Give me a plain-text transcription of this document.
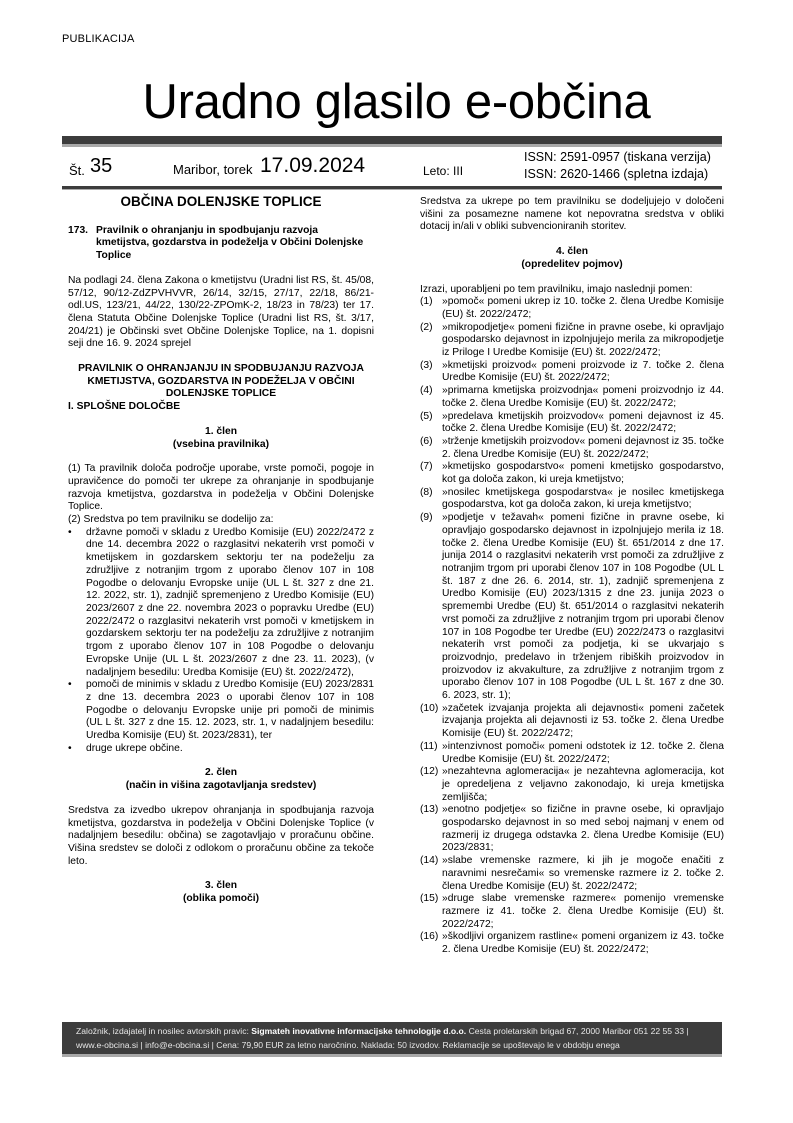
PUBLIKACIJA
Uradno glasilo e-občina
Št. 35	Maribor, torek 17.09.2024	Leto: III
ISSN: 2591-0957 (tiskana verzija)
ISSN: 2620-1466 (spletna izdaja)

OBČINA DOLENJSKE TOPLICE

173. Pravilnik o ohranjanju in spodbujanju razvoja kmetijstva, gozdarstva in podeželja v Občini Dolenjske Toplice

Na podlagi 24. člena Zakona o kmetijstvu (Uradni list RS, št. 45/08, 57/12, 90/12-ZdZPVHVVR, 26/14, 32/15, 27/17, 22/18, 86/21-odl.US, 123/21, 44/22, 130/22-ZPOmK-2, 18/23 in 78/23) ter 17. člena Statuta Občine Dolenjske Toplice (Uradni list RS, št. 3/17, 204/21) je Občinski svet Občine Dolenjske Toplice, na 1. dopisni seji dne 16. 9. 2024 sprejel

PRAVILNIK O OHRANJANJU IN SPODBUJANJU RAZVOJA KMETIJSTVA, GOZDARSTVA IN PODEŽELJA V OBČINI DOLENJSKE TOPLICE

I. SPLOŠNE DOLOČBE

1. člen

(vsebina pravilnika)

(1) Ta pravilnik določa področje uporabe, vrste pomoči, pogoje in upravičence do pomoči ter ukrepe za ohranjanje in spodbujanje razvoja kmetijstva, gozdarstva in podeželja v Občini Dolenjske Toplice.

(2) Sredstva po tem pravilniku se dodelijo za:

• državne pomoči v skladu z Uredbo Komisije (EU) 2022/2472 z dne 14. decembra 2022 o razglasitvi nekaterih vrst pomoči v kmetijskem in gozdarskem sektorju ter na podeželju za združljive z notranjim trgom z uporabo členov 107 in 108 Pogodbe o delovanju Evropske unije (UL L št. 327 z dne 21. 12. 2022, str. 1), zadnjič spremenjeno z Uredbo Komisije (EU) 2023/2607 z dne 22. novembra 2023 o popravku Uredbe (EU) 2022/2472 o razglasitvi nekaterih vrst pomoči v kmetijskem in gozdarskem sektorju ter na podeželju za združljive z notranjim trgom z uporabo členov 107 in 108 Pogodbe o delovanju Evropske Unije (UL L št. 2023/2607 z dne 23. 11. 2023), (v nadaljnjem besedilu: Uredba Komisije (EU) št. 2022/2472),
• pomoči de minimis v skladu z Uredbo Komisije (EU) 2023/2831 z dne 13. decembra 2023 o uporabi členov 107 in 108 Pogodbe o delovanju Evropske unije pri pomoči de minimis (UL L št. 327 z dne 15. 12. 2023, str. 1, v nadaljnjem besedilu: Uredba Komisije (EU) št. 2023/2831), ter
• druge ukrepe občine.

2. člen

(način in višina zagotavljanja sredstev)

Sredstva za izvedbo ukrepov ohranjanja in spodbujanja razvoja kmetijstva, gozdarstva in podeželja v Občini Dolenjske Toplice (v nadaljnjem besedilu: občina) se zagotavljajo v proračunu občine. Višina sredstev se določi z odlokom o proračunu občine za tekoče leto.

3. člen

(oblika pomoči)

Sredstva za ukrepe po tem pravilniku se dodeljujejo v določeni višini za posamezne namene kot nepovratna sredstva v obliki dotacij in/ali v obliki subvencioniranih storitev.

4. člen

(opredelitev pojmov)

Izrazi, uporabljeni po tem pravilniku, imajo naslednji pomen:

(1) »pomoč« pomeni ukrep iz 10. točke 2. člena Uredbe Komisije (EU) št. 2022/2472;
(2) »mikropodjetje« pomeni fizične in pravne osebe, ki opravljajo gospodarsko dejavnost in izpolnjujejo merila za mikropodjetje iz Priloge I Uredbe Komisije (EU) št. 2022/2472;
(3) »kmetijski proizvod« pomeni proizvode iz 7. točke 2. člena Uredbe Komisije (EU) št. 2022/2472;
(4) »primarna kmetijska proizvodnja« pomeni proizvodnjo iz 44. točke 2. člena Uredbe Komisije (EU) št. 2022/2472;
(5) »predelava kmetijskih proizvodov« pomeni dejavnost iz 45. točke 2. člena Uredbe Komisije (EU) št. 2022/2472;
(6) »trženje kmetijskih proizvodov« pomeni dejavnost iz 35. točke 2. člena Uredbe Komisije (EU) št. 2022/2472;
(7) »kmetijsko gospodarstvo« pomeni kmetijsko gospodarstvo, kot ga določa zakon, ki ureja kmetijstvo;
(8) »nosilec kmetijskega gospodarstva« je nosilec kmetijskega gospodarstva, kot ga določa zakon, ki ureja kmetijstvo;
(9) »podjetje v težavah« pomeni fizične in pravne osebe, ki opravljajo gospodarsko dejavnost in izpolnjujejo merila iz 18. točke 2. člena Uredbe Komisije (EU) št. 651/2014 z dne 17. junija 2014 o razglasitvi nekaterih vrst pomoči za združljive z notranjim trgom pri uporabi členov 107 in 108 Pogodbe (UL L št. 187 z dne 26. 6. 2014, str. 1), zadnjič spremenjena z Uredbo Komisije (EU) 2023/1315 z dne 23. junija 2023 o spremembi Uredbe (EU) št. 651/2014 o razglasitvi nekaterih vrst pomoči za združljive z notranjim trgom pri uporabi členov 107 in 108 Pogodbe ter Uredbe (EU) 2022/2473 o razglasitvi nekaterih vrst pomoči za podjetja, ki se ukvarjajo s proizvodnjo, predelavo in trženjem ribiških proizvodov in proizvodov iz akvakulture, za združljive z notranjim trgom z uporabo členov 107 in 108 Pogodbe (UL L št. 167 z dne 30. 6. 2023, str. 1);
(10) »začetek izvajanja projekta ali dejavnosti« pomeni začetek izvajanja projekta ali dejavnosti iz 53. točke 2. člena Uredbe Komisije (EU) št. 2022/2472;
(11) »intenzivnost pomoči« pomeni odstotek iz 12. točke 2. člena Uredbe Komisije (EU) št. 2022/2472;
(12) »nezahtevna aglomeracija« je nezahtevna aglomeracija, kot je opredeljena z veljavno zakonodajo, ki ureja kmetijska zemljišča;
(13) »enotno podjetje« so fizične in pravne osebe, ki opravljajo gospodarsko dejavnost in so med seboj najmanj v enem od razmerij iz drugega odstavka 2. člena Uredbe Komisije (EU) 2023/2831;
(14) »slabe vremenske razmere, ki jih je mogoče enačiti z naravnimi nesrečami« so vremenske razmere iz 2. točke 2. člena Uredbe Komisije (EU) št. 2022/2472;
(15) »druge slabe vremenske razmere« pomenijo vremenske razmere iz 41. točke 2. člena Uredbe Komisije (EU) št. 2022/2472;
(16) »škodljivi organizem rastline« pomeni organizem iz 43. točke 2. člena Uredbe Komisije (EU) št. 2022/2472;
Založnik, izdajatelj in nosilec avtorskih pravic: Sigmateh inovativne informacijske tehnologije d.o.o. Cesta proletarskih brigad 67, 2000 Maribor 051 22 55 33 | www.e-obcina.si | info@e-obcina.si | Cena: 79,90 EUR za letno naročnino. Naklada: 50 izvodov. Reklamacije se upoštevajo le v obdobju enega
